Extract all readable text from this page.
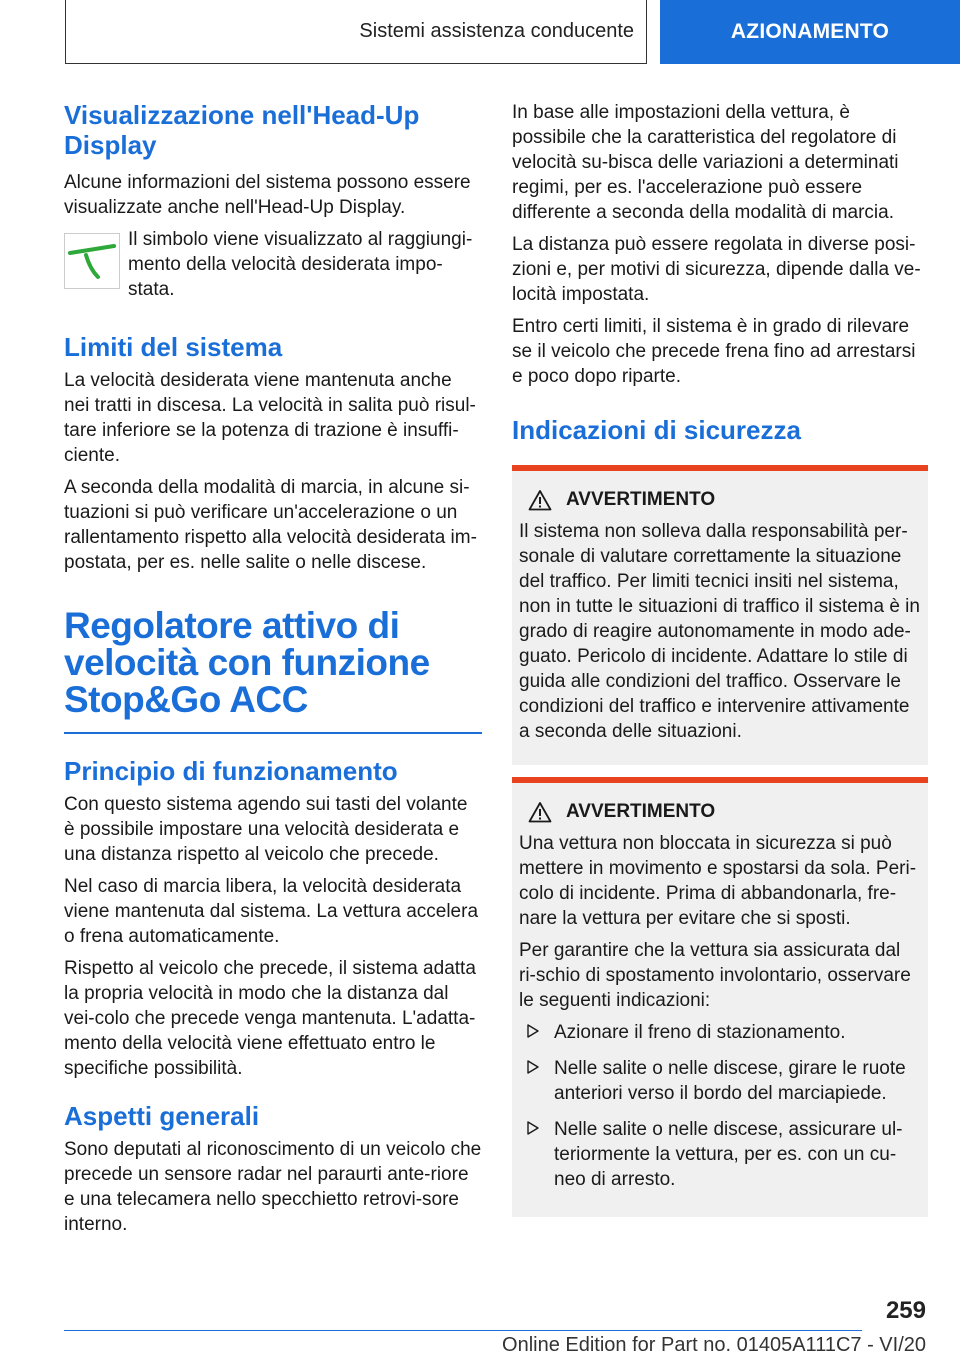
Sistemi assistenza conducente	AZIONAMENTO
Visualizzazione nell'Head-Up Display

Alcune informazioni del sistema possono essere visualizzate anche nell'Head-Up Display.

Il simbolo viene visualizzato al raggiungi-mento della velocità desiderata impo-stata.
Limiti del sistema

La velocità desiderata viene mantenuta anche nei tratti in discesa. La velocità in salita può risul-tare inferiore se la potenza di trazione è insuffi-ciente.

A seconda della modalità di marcia, in alcune si-tuazioni si può verificare un'accelerazione o un rallentamento rispetto alla velocità desiderata im-postata, per es. nelle salite o nelle discese.

Regolatore attivo di velocità con funzione Stop&Go ACC
Principio di funzionamento

Con questo sistema agendo sui tasti del volante è possibile impostare una velocità desiderata e una distanza rispetto al veicolo che precede.

Nel caso di marcia libera, la velocità desiderata viene mantenuta dal sistema. La vettura accelera o frena automaticamente.

Rispetto al veicolo che precede, il sistema adatta la propria velocità in modo che la distanza dal vei-colo che precede venga mantenuta. L'adatta-mento della velocità viene effettuato entro le specifiche possibilità.

Aspetti generali

Sono deputati al riconoscimento di un veicolo che precede un sensore radar nel paraurti ante-riore e una telecamera nello specchietto retrovi-sore interno.

In base alle impostazioni della vettura, è possibile che la caratteristica del regolatore di velocità su-bisca delle variazioni a determinati regimi, per es. l'accelerazione può essere differente a seconda della modalità di marcia.

La distanza può essere regolata in diverse posi-zioni e, per motivi di sicurezza, dipende dalla ve-locità impostata.

Entro certi limiti, il sistema è in grado di rilevare se il veicolo che precede frena fino ad arrestarsi e poco dopo riparte.

Indicazioni di sicurezza
AVVERTIMENTO

Il sistema non solleva dalla responsabilità per-sonale di valutare correttamente la situazione del traffico. Per limiti tecnici insiti nel sistema, non in tutte le situazioni di traffico il sistema è in grado di reagire autonomamente in modo ade-guato. Pericolo di incidente. Adattare lo stile di guida alle condizioni del traffico. Osservare le condizioni del traffico e intervenire attivamente a seconda delle situazioni.

AVVERTIMENTO

Una vettura non bloccata in sicurezza si può mettere in movimento e spostarsi da sola. Peri-colo di incidente. Prima di abbandonarla, fre-nare la vettura per evitare che si sposti.

Per garantire che la vettura sia assicurata dal ri-schio di spostamento involontario, osservare le seguenti indicazioni:

Azionare il freno di stazionamento.
Nelle salite o nelle discese, girare le ruote anteriori verso il bordo del marciapiede.
Nelle salite o nelle discese, assicurare ul-teriormente la vettura, per es. con un cu-neo di arresto.
259
Online Edition for Part no. 01405A111C7 - VI/20
